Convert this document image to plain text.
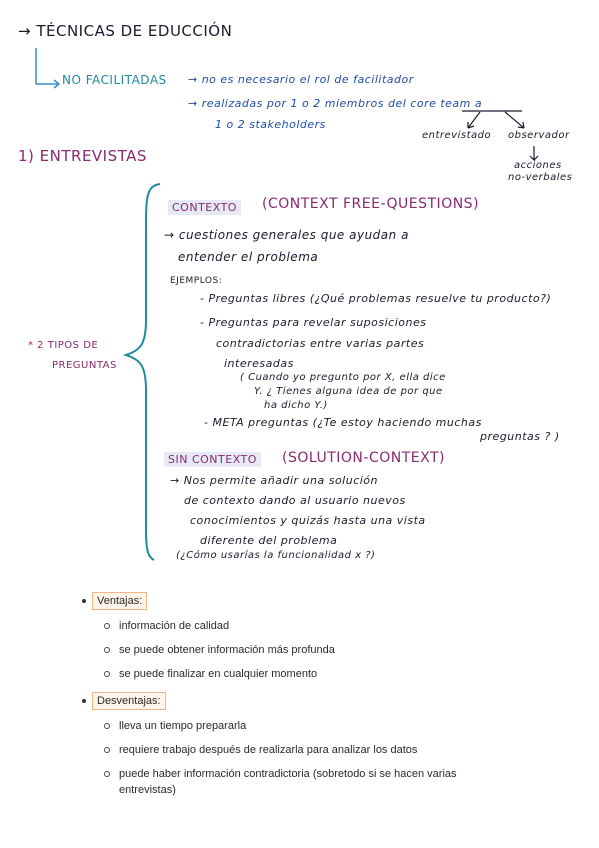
→ TÉCNICAS DE EDUCCIÓN
NO FACILITADAS → no es necesario el rol de facilitador
→ realizadas por 1 o 2 miembros del core team a
1 o 2 stakeholders
entrevistado observador
acciones
no-verbales
1) ENTREVISTAS
* 2 TIPOS DE
PREGUNTAS
CONTEXTO (CONTEXT FREE-QUESTIONS)
→ cuestiones generales que ayudan a
entender el problema
EJEMPLOS:
- Preguntas libres (¿Qué problemas resuelve tu producto?)
- Preguntas para revelar suposiciones
contradictorias entre varias partes
interesadas
( Cuando yo pregunto por X, ella dice
Y. ¿ Tienes alguna idea de por que
ha dicho Y.)
- META preguntas (¿Te estoy haciendo muchas
preguntas ? )
SIN CONTEXTO (SOLUTION-CONTEXT)
→ Nos permite añadir una solución
de contexto dando al usuario nuevos
conocimientos y quizás hasta una vista
diferente del problema
(¿Cómo usarías la funcionalidad x ?)
Ventajas:
información de calidad
se puede obtener información más profunda
se puede finalizar en cualquier momento
Desventajas:
lleva un tiempo prepararla
requiere trabajo después de realizarla para analizar los datos
puede haber información contradictoria (sobretodo si se hacen varias entrevistas)
